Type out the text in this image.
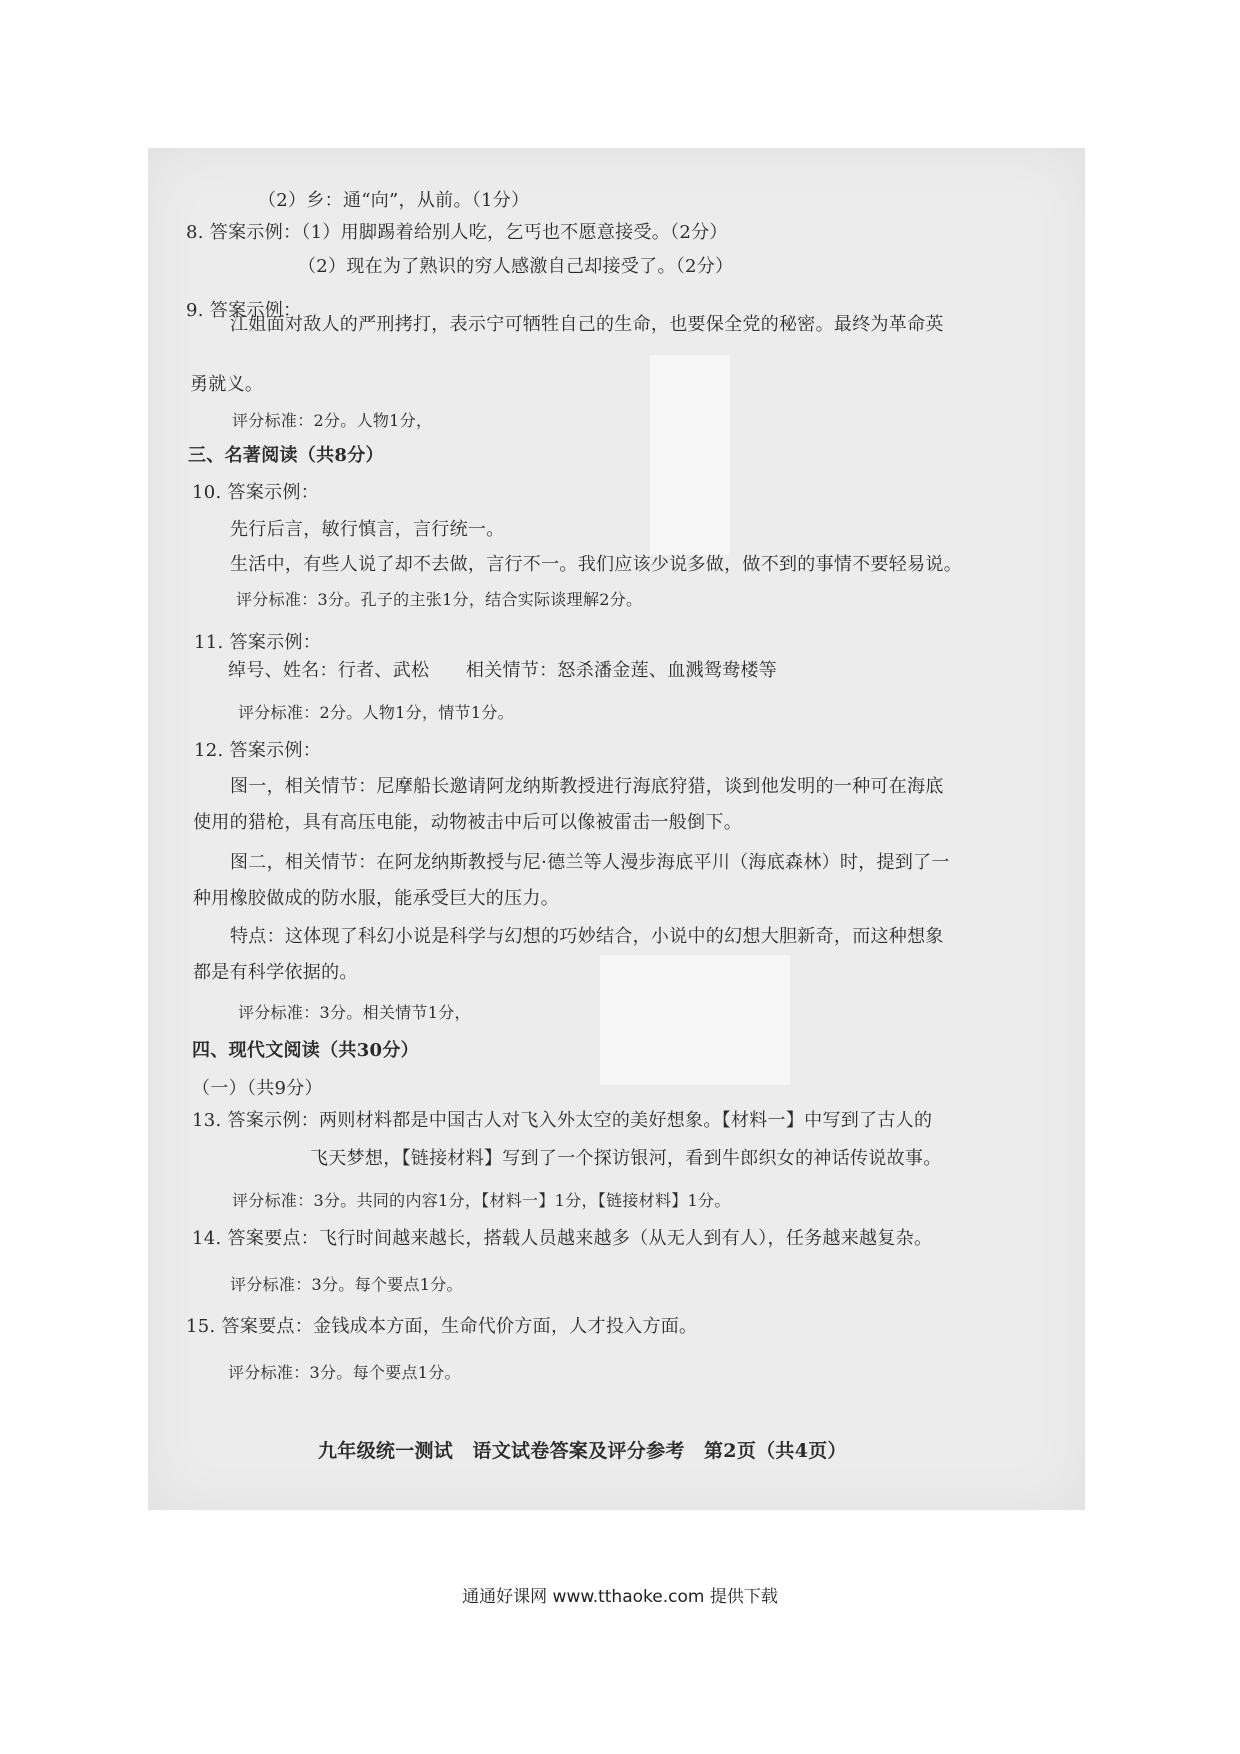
（2）乡：通“向”，从前。（1分）
8. 答案示例：（1）用脚踢着给别人吃，乞丐也不愿意接受。（2分）
（2）现在为了熟识的穷人感激自己却接受了。（2分）
9. 答案示例：
江姐面对敌人的严刑拷打，表示宁可牺牲自己的生命，也要保全党的秘密。最终为革命英
勇就义。
评分标准：2分。人物1分，
三、名著阅读（共8分）
10. 答案示例：
先行后言，敏行慎言，言行统一。
生活中，有些人说了却不去做，言行不一。我们应该少说多做，做不到的事情不要轻易说。
评分标准：3分。孔子的主张1分，结合实际谈理解2分。
11. 答案示例：
绰号、姓名：行者、武松　　相关情节：怒杀潘金莲、血溅鸳鸯楼等
评分标准：2分。人物1分，情节1分。
12. 答案示例：
图一，相关情节：尼摩船长邀请阿龙纳斯教授进行海底狩猎，谈到他发明的一种可在海底
使用的猎枪，具有高压电能，动物被击中后可以像被雷击一般倒下。
图二，相关情节：在阿龙纳斯教授与尼·德兰等人漫步海底平川（海底森林）时，提到了一
种用橡胶做成的防水服，能承受巨大的压力。
特点：这体现了科幻小说是科学与幻想的巧妙结合，小说中的幻想大胆新奇，而这种想象
都是有科学依据的。
评分标准：3分。相关情节1分，
四、现代文阅读（共30分）
（一）（共9分）
13. 答案示例：两则材料都是中国古人对飞入外太空的美好想象。【材料一】中写到了古人的
飞天梦想，【链接材料】写到了一个探访银河，看到牛郎织女的神话传说故事。
评分标准：3分。共同的内容1分，【材料一】1分，【链接材料】1分。
14. 答案要点：飞行时间越来越长，搭载人员越来越多（从无人到有人），任务越来越复杂。
评分标准：3分。每个要点1分。
15. 答案要点：金钱成本方面，生命代价方面，人才投入方面。
评分标准：3分。每个要点1分。
九年级统一测试　语文试卷答案及评分参考　第2页（共4页）
通通好课网 www.tthaoke.com 提供下载
